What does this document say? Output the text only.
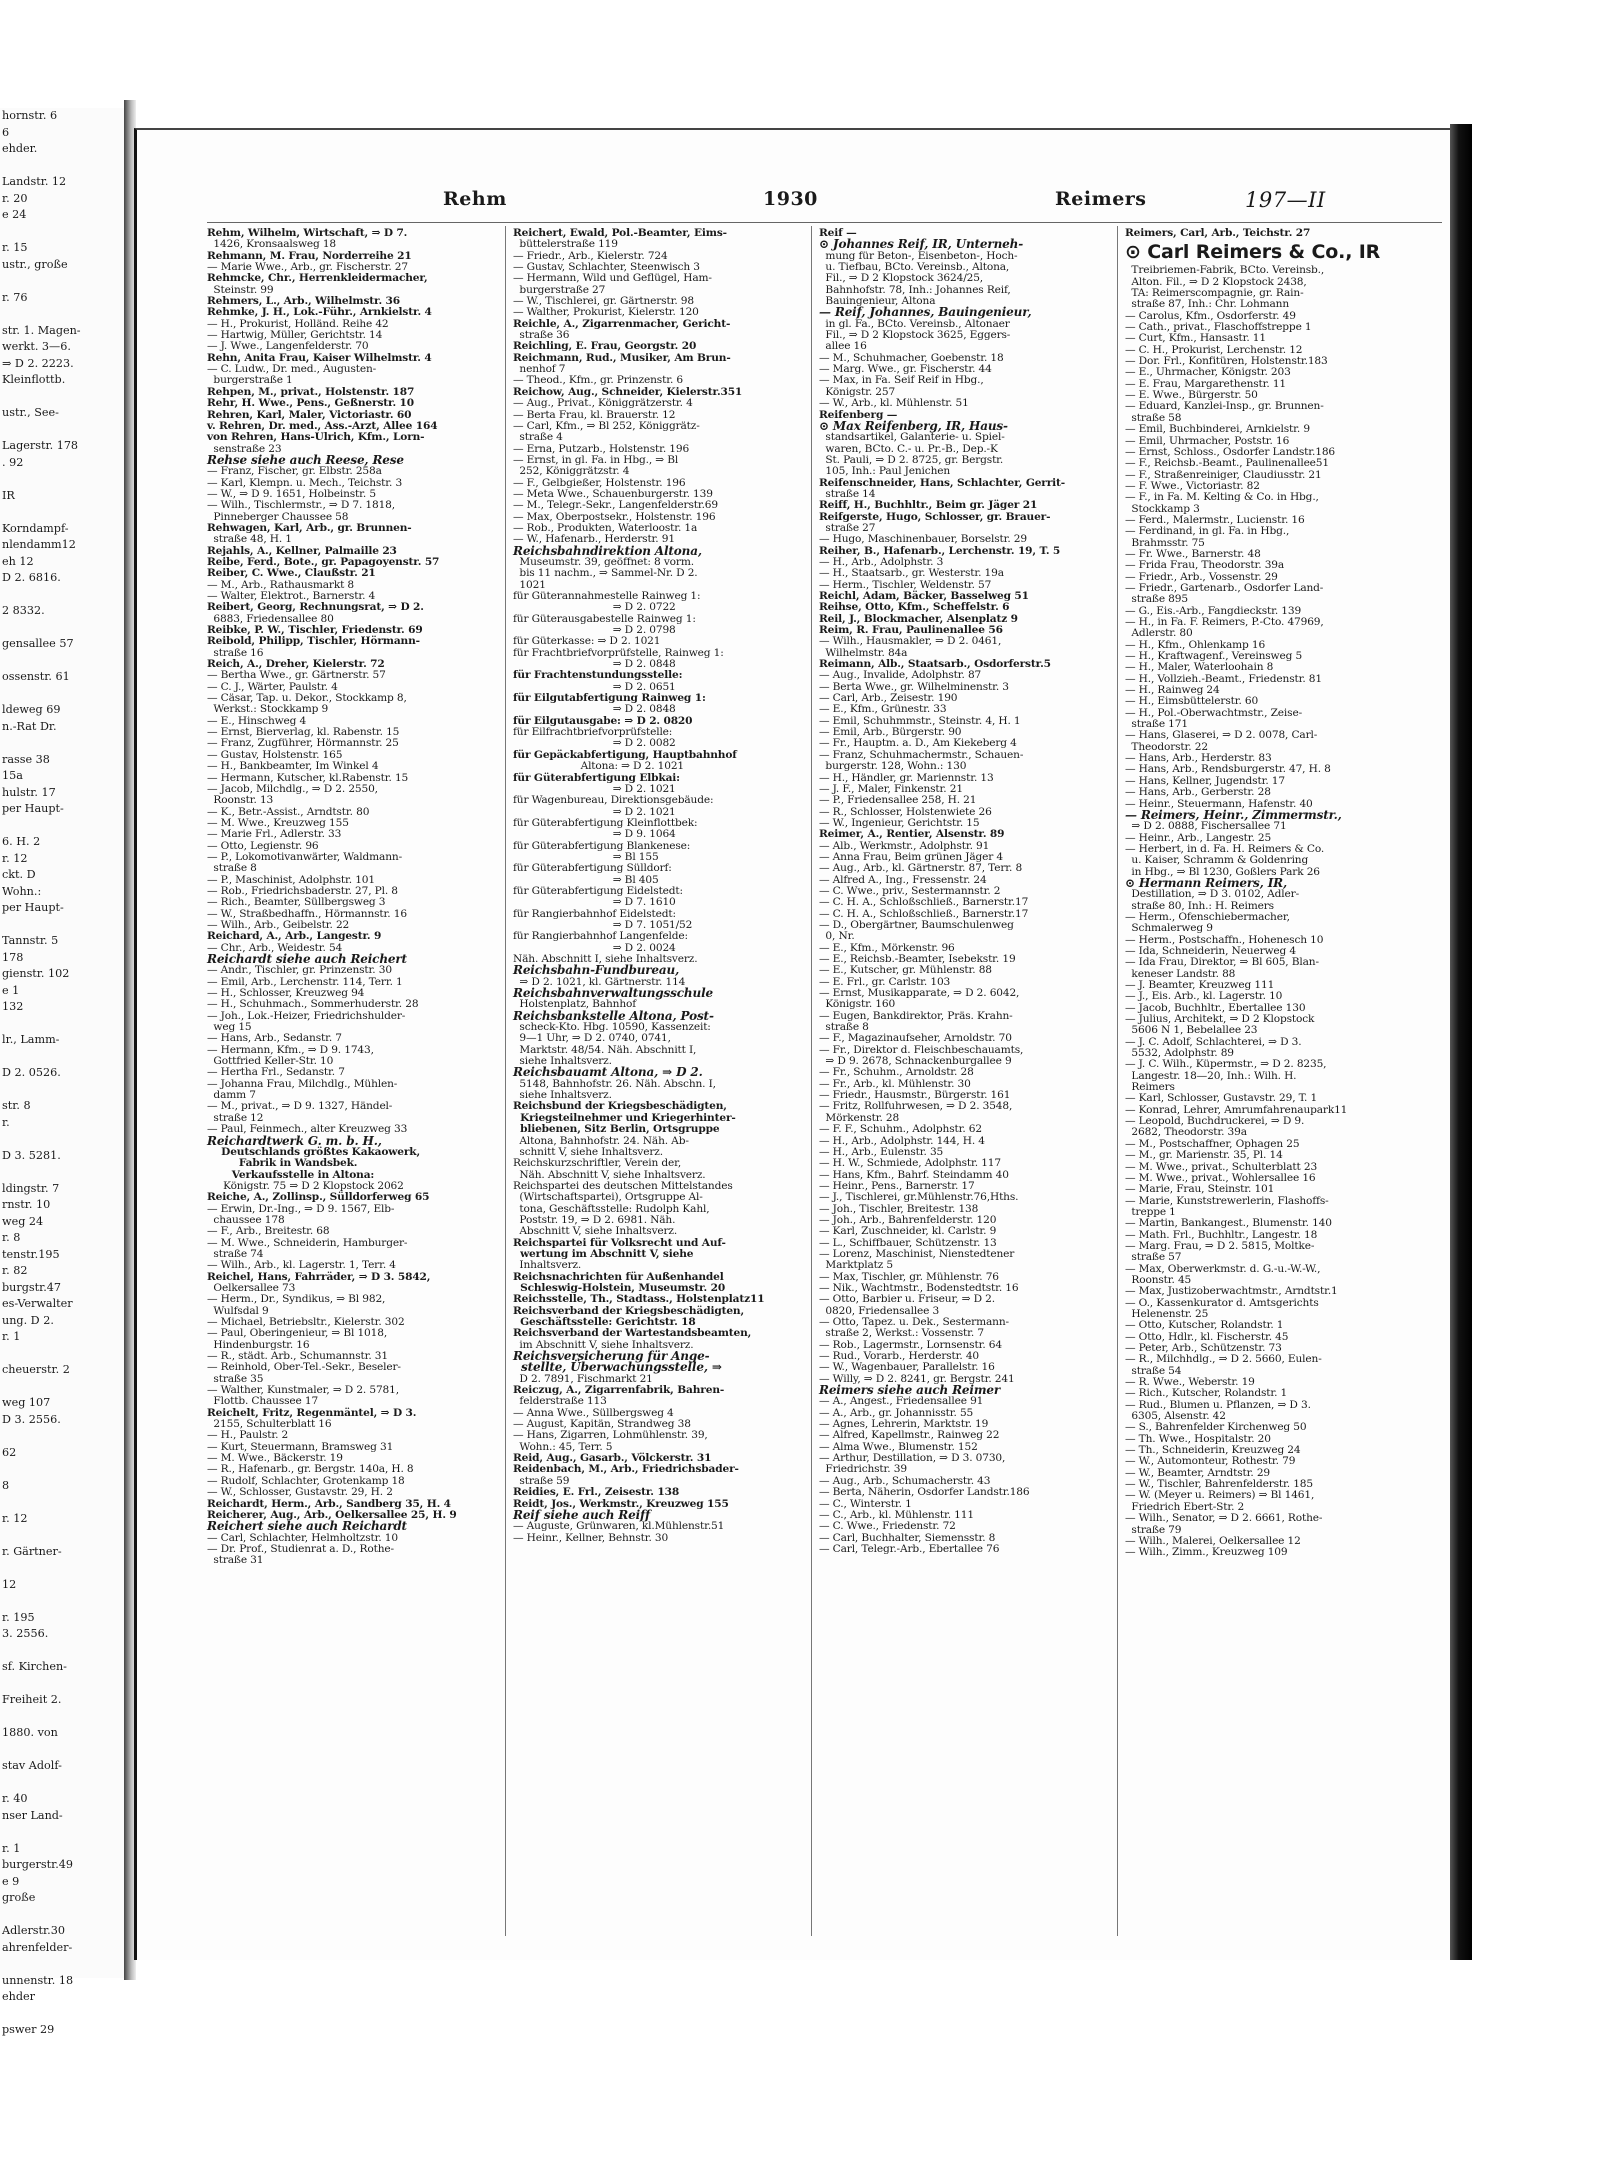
hornstr. 6
6
ehder.

Landstr. 12
r. 20
e 24

r. 15
ustr., große

r. 76

str. 1. Magen-
werkt. 3—6.
⇒ D 2. 2223.
Kleinflottb.

ustr., See-

Lagerstr. 178
. 92

IR

Korndampf-
nlendamm12
eh 12
D 2. 6816.

2 8332.

gensallee 57

ossenstr. 61

ldeweg 69
n.-Rat Dr.

rasse 38
15a
hulstr. 17
per Haupt-

6. H. 2
r. 12
ckt. D
Wohn.:
per Haupt-

Tannstr. 5
178
gienstr. 102
e 1
132

lr., Lamm-

D 2. 0526.

str. 8
r.

D 3. 5281.

ldingstr. 7
rnstr. 10
weg 24
r. 8
tenstr.195
r. 82
burgstr.47
es-Verwalter
ung. D 2.
r. 1

cheuerstr. 2

weg 107
D 3. 2556.

62

8

r. 12

r. Gärtner-

12

r. 195
3. 2556.

sf. Kirchen-

Freiheit 2.

1880. von

stav Adolf-

r. 40
nser Land-

r. 1
burgerstr.49
e 9
große

Adlerstr.30
ahrenfelder-

unnenstr. 18
ehder

pswer 29
Rehm	1930	Reimers	197—II
Rehm, Wilhelm, Wirtschaft, ⇒ D 7.
1426, Kronsaalsweg 18
Rehmann, M. Frau, Norderreihe 21
— Marie Wwe., Arb., gr. Fischerstr. 27
Rehmcke, Chr., Herrenkleidermacher,
Steinstr. 99
Rehmers, L., Arb., Wilhelmstr. 36
Rehmke, J. H., Lok.-Führ., Arnkielstr. 4
— H., Prokurist, Holländ. Reihe 42
— Hartwig, Müller, Gerichtstr. 14
— J. Wwe., Langenfelderstr. 70
Rehn, Anita Frau, Kaiser Wilhelmstr. 4
— C. Ludw., Dr. med., Augusten-
burgerstraße 1
Rehpen, M., privat., Holstenstr. 187
Rehr, H. Wwe., Pens., Geßnerstr. 10
Rehren, Karl, Maler, Victoriastr. 60
v. Rehren, Dr. med., Ass.-Arzt, Allee 164
von Rehren, Hans-Ulrich, Kfm., Lorn-
senstraße 23
Rehse siehe auch Reese, Rese
— Franz, Fischer, gr. Elbstr. 258a
— Karl, Klempn. u. Mech., Teichstr. 3
— W., ⇒ D 9. 1651, Holbeinstr. 5
— Wilh., Tischlermstr., ⇒ D 7. 1818,
Pinneberger Chaussee 58
Rehwagen, Karl, Arb., gr. Brunnen-
straße 48, H. 1
Rejahls, A., Kellner, Palmaille 23
Reibe, Ferd., Bote., gr. Papagoyenstr. 57
Reiber, C. Wwe., Claußstr. 21
— M., Arb., Rathausmarkt 8
— Walter, Elektrot., Barnerstr. 4
Reibert, Georg, Rechnungsrat, ⇒ D 2.
6883, Friedensallee 80
Reibke, P. W., Tischler, Friedenstr. 69
Reibold, Philipp, Tischler, Hörmann-
straße 16
Reich, A., Dreher, Kielerstr. 72
— Bertha Wwe., gr. Gärtnerstr. 57
— C. J., Wärter, Paulstr. 4
— Cäsar, Tap. u. Dekor., Stockkamp 8,
Werkst.: Stockkamp 9
— E., Hinschweg 4
— Ernst, Bierverlag, kl. Rabenstr. 15
— Franz, Zugführer, Hörmannstr. 25
— Gustav, Holstenstr. 165
— H., Bankbeamter, Im Winkel 4
— Hermann, Kutscher, kl.Rabenstr. 15
— Jacob, Milchdlg., ⇒ D 2. 2550,
Roonstr. 13
— K., Betr.-Assist., Arndtstr. 80
— M. Wwe., Kreuzweg 155
— Marie Frl., Adlerstr. 33
— Otto, Legienstr. 96
— P., Lokomotivanwärter, Waldmann-
straße 8
— P., Maschinist, Adolphstr. 101
— Rob., Friedrichsbaderstr. 27, Pl. 8
— Rich., Beamter, Süllbergsweg 3
— W., Straßbedhaffn., Hörmannstr. 16
— Wilh., Arb., Geibelstr. 22
Reichard, A., Arb., Langestr. 9
— Chr., Arb., Weidestr. 54
Reichardt siehe auch Reichert
— Andr., Tischler, gr. Prinzenstr. 30
— Emil, Arb., Lerchenstr. 114, Terr. 1
— H., Schlosser, Kreuzweg 94
— H., Schuhmach., Sommerhuderstr. 28
— Joh., Lok.-Heizer, Friedrichshulder-
weg 15
— Hans, Arb., Sedanstr. 7
— Hermann, Kfm., ⇒ D 9. 1743,
Gottfried Keller-Str. 10
— Hertha Frl., Sedanstr. 7
— Johanna Frau, Milchdlg., Mühlen-
damm 7
— M., privat., ⇒ D 9. 1327, Händel-
straße 12
— Paul, Feinmech., alter Kreuzweg 33
Reichardtwerk G. m. b. H.,
Deutschlands größtes Kakaowerk,
Fabrik in Wandsbek.
Verkaufsstelle in Altona:
Königstr. 75 ⇒ D 2 Klopstock 2062
Reiche, A., Zollinsp., Sülldorferweg 65
— Erwin, Dr.-Ing., ⇒ D 9. 1567, Elb-
chaussee 178
— F., Arb., Breitestr. 68
— M. Wwe., Schneiderin, Hamburger-
straße 74
— Wilh., Arb., kl. Lagerstr. 1, Terr. 4
Reichel, Hans, Fahrräder, ⇒ D 3. 5842,
Oelkersallee 73
— Herm., Dr., Syndikus, ⇒ Bl 982,
Wulfsdal 9
— Michael, Betriebsltr., Kielerstr. 302
— Paul, Oberingenieur, ⇒ Bl 1018,
Hindenburgstr. 16
— R., städt. Arb., Schumannstr. 31
— Reinhold, Ober-Tel.-Sekr., Beseler-
straße 35
— Walther, Kunstmaler, ⇒ D 2. 5781,
Flottb. Chaussee 17
Reichelt, Fritz, Regenmäntel, ⇒ D 3.
2155, Schulterblatt 16
— H., Paulstr. 2
— Kurt, Steuermann, Bramsweg 31
— M. Wwe., Bäckerstr. 19
— R., Hafenarb., gr. Bergstr. 140a, H. 8
— Rudolf, Schlachter, Grotenkamp 18
— W., Schlosser, Gustavstr. 29, H. 2
Reichardt, Herm., Arb., Sandberg 35, H. 4
Reicherer, Aug., Arb., Oelkersallee 25, H. 9
Reichert siehe auch Reichardt
— Carl, Schlachter, Helmholtzstr. 10
— Dr. Prof., Studienrat a. D., Rothe-
straße 31
Reichert, Ewald, Pol.-Beamter, Eims-
büttelerstraße 119
— Friedr., Arb., Kielerstr. 724
— Gustav, Schlachter, Steenwisch 3
— Hermann, Wild und Geflügel, Ham-
burgerstraße 27
— W., Tischlerei, gr. Gärtnerstr. 98
— Walther, Prokurist, Kielerstr. 120
Reichle, A., Zigarrenmacher, Gericht-
straße 36
Reichling, E. Frau, Georgstr. 20
Reichmann, Rud., Musiker, Am Brun-
nenhof 7
— Theod., Kfm., gr. Prinzenstr. 6
Reichow, Aug., Schneider, Kielerstr.351
— Aug., Privat., Königgrätzerstr. 4
— Berta Frau, kl. Brauerstr. 12
— Carl, Kfm., ⇒ Bl 252, Königgrätz-
straße 4
— Erna, Putzarb., Holstenstr. 196
— Ernst, in gl. Fa. in Hbg., ⇒ Bl
252, Königgrätzstr. 4
— F., Gelbgießer, Holstenstr. 196
— Meta Wwe., Schauenburgerstr. 139
— M., Telegr.-Sekr., Langenfelderstr.69
— Max, Oberpostsekr., Holstenstr. 196
— Rob., Produkten, Waterloostr. 1a
— W., Hafenarb., Herderstr. 91
Reichsbahndirektion Altona,
Museumstr. 39, geöffnet: 8 vorm.
bis 11 nachm., ⇒ Sammel-Nr. D 2.
1021
für Güterannahmestelle Rainweg 1:
⇒ D 2. 0722
für Güterausgabestelle Rainweg 1:
⇒ D 2. 0798
für Güterkasse: ⇒ D 2. 1021
für Frachtbriefvorprüfstelle, Rainweg 1:
⇒ D 2. 0848
für Frachtenstundungsstelle:
⇒ D 2. 0651
für Eilgutabfertigung Rainweg 1:
⇒ D 2. 0848
für Eilgutausgabe: ⇒ D 2. 0820
für Eilfrachtbriefvorprüfstelle:
⇒ D 2. 0082
für Gepäckabfertigung, Hauptbahnhof
Altona: ⇒ D 2. 1021
für Güterabfertigung Elbkai:
⇒ D 2. 1021
für Wagenbureau, Direktionsgebäude:
⇒ D 2. 1021
für Güterabfertigung Kleinflottbek:
⇒ D 9. 1064
für Güterabfertigung Blankenese:
⇒ Bl 155
für Güterabfertigung Sülldorf:
⇒ Bl 405
für Güterabfertigung Eidelstedt:
⇒ D 7. 1610
für Rangierbahnhof Eidelstedt:
⇒ D 7. 1051/52
für Rangierbahnhof Langenfelde:
⇒ D 2. 0024
Näh. Abschnitt I, siehe Inhaltsverz.
Reichsbahn-Fundbureau,
⇒ D 2. 1021, kl. Gärtnerstr. 114
Reichsbahnverwaltungsschule
Holstenplatz, Bahnhof
Reichsbankstelle Altona, Post-
scheck-Kto. Hbg. 10590, Kassenzeit:
9—1 Uhr, ⇒ D 2. 0740, 0741,
Marktstr. 48/54. Näh. Abschnitt I,
siehe Inhaltsverz.
Reichsbauamt Altona, ⇒ D 2.
5148, Bahnhofstr. 26. Näh. Abschn. I,
siehe Inhaltsverz.
Reichsbund der Kriegsbeschädigten,
Kriegsteilnehmer und Kriegerhinter-
bliebenen, Sitz Berlin, Ortsgruppe
Altona, Bahnhofstr. 24. Näh. Ab-
schnitt V, siehe Inhaltsverz.
Reichskurzschriftler, Verein der,
Näh. Abschnitt V, siehe Inhaltsverz.
Reichspartei des deutschen Mittelstandes
(Wirtschaftspartei), Ortsgruppe Al-
tona, Geschäftsstelle: Rudolph Kahl,
Poststr. 19, ⇒ D 2. 6981. Näh.
Abschnitt V, siehe Inhaltsverz.
Reichspartei für Volksrecht und Auf-
wertung im Abschnitt V, siehe
Inhaltsverz.
Reichsnachrichten für Außenhandel
Schleswig-Holstein, Museumstr. 20
Reichsstelle, Th., Stadtass., Holstenplatz11
Reichsverband der Kriegsbeschädigten,
Geschäftsstelle: Gerichtstr. 18
Reichsverband der Wartestandsbeamten,
im Abschnitt V, siehe Inhaltsverz.
Reichsversicherung für Ange-
stellte, Überwachungsstelle, ⇒
D 2. 7891, Fischmarkt 21
Reiczug, A., Zigarrenfabrik, Bahren-
felderstraße 113
— Anna Wwe., Süllbergsweg 4
— August, Kapitän, Strandweg 38
— Hans, Zigarren, Lohmühlenstr. 39,
Wohn.: 45, Terr. 5
Reid, Aug., Gasarb., Völckerstr. 31
Reidenbach, M., Arb., Friedrichsbader-
straße 59
Reidies, E. Frl., Zeisestr. 138
Reidt, Jos., Werkmstr., Kreuzweg 155
Reif siehe auch Reiff
— Auguste, Grünwaren, kl.Mühlenstr.51
— Heinr., Kellner, Behnstr. 30
Reif —
⊙ Johannes Reif, IR, Unterneh-
mung für Beton-, Eisenbeton-, Hoch-
u. Tiefbau, BCto. Vereinsb., Altona,
Fil., ⇒ D 2 Klopstock 3624/25,
Bahnhofstr. 78, Inh.: Johannes Reif,
Bauingenieur, Altona
— Reif, Johannes, Bauingenieur,
in gl. Fa., BCto. Vereinsb., Altonaer
Fil., ⇒ D 2 Klopstock 3625, Eggers-
allee 16
— M., Schuhmacher, Goebenstr. 18
— Marg. Wwe., gr. Fischerstr. 44
— Max, in Fa. Seif Reif in Hbg.,
Königstr. 257
— W., Arb., kl. Mühlenstr. 51
Reifenberg —
⊙ Max Reifenberg, IR, Haus-
standsartikel, Galanterie- u. Spiel-
waren, BCto. C.- u. Pr.-B., Dep.-K
St. Pauli, ⇒ D 2. 8725, gr. Bergstr.
105, Inh.: Paul Jenichen
Reifenschneider, Hans, Schlachter, Gerrit-
straße 14
Reiff, H., Buchhltr., Beim gr. Jäger 21
Reifgerste, Hugo, Schlosser, gr. Brauer-
straße 27
— Hugo, Maschinenbauer, Borselstr. 29
Reiher, B., Hafenarb., Lerchenstr. 19, T. 5
— H., Arb., Adolphstr. 3
— H., Staatsarb., gr. Westerstr. 19a
— Herm., Tischler, Weldenstr. 57
Reichl, Adam, Bäcker, Basselweg 51
Reihse, Otto, Kfm., Scheffelstr. 6
Reil, J., Blockmacher, Alsenplatz 9
Reim, R. Frau, Paulinenallee 56
— Wilh., Hausmakler, ⇒ D 2. 0461,
Wilhelmstr. 84a
Reimann, Alb., Staatsarb., Osdorferstr.5
— Aug., Invalide, Adolphstr. 87
— Berta Wwe., gr. Wilhelminenstr. 3
— Carl, Arb., Zeisestr. 190
— E., Kfm., Grünestr. 33
— Emil, Schuhmmstr., Steinstr. 4, H. 1
— Emil, Arb., Bürgerstr. 90
— Fr., Hauptm. a. D., Am Kiekeberg 4
— Franz, Schuhmachermstr., Schauen-
burgerstr. 128, Wohn.: 130
— H., Händler, gr. Mariennstr. 13
— J. F., Maler, Finkenstr. 21
— P., Friedensallee 258, H. 21
— R., Schlosser, Holstenwiete 26
— W., Ingenieur, Gerichtstr. 15
Reimer, A., Rentier, Alsenstr. 89
— Alb., Werkmstr., Adolphstr. 91
— Anna Frau, Beim grünen Jäger 4
— Aug., Arb., kl. Gärtnerstr. 87, Terr. 8
— Alfred A., Ing., Fressenstr. 24
— C. Wwe., priv., Sestermannstr. 2
— C. H. A., Schloßschließ., Barnerstr.17
— C. H. A., Schloßschließ., Barnerstr.17
— D., Obergärtner, Baumschulenweg
0, Nr.
— E., Kfm., Mörkenstr. 96
— E., Reichsb.-Beamter, Isebekstr. 19
— E., Kutscher, gr. Mühlenstr. 88
— E. Frl., gr. Carlstr. 103
— Ernst, Musikapparate, ⇒ D 2. 6042,
Königstr. 160
— Eugen, Bankdirektor, Präs. Krahn-
straße 8
— F., Magazinaufseher, Arnoldstr. 70
— Fr., Direktor d. Fleischbeschauamts,
⇒ D 9. 2678, Schnackenburgallee 9
— Fr., Schuhm., Arnoldstr. 28
— Fr., Arb., kl. Mühlenstr. 30
— Friedr., Hausmstr., Bürgerstr. 161
— Fritz, Rollfuhrwesen, ⇒ D 2. 3548,
Mörkenstr. 28
— F. F., Schuhm., Adolphstr. 62
— H., Arb., Adolphstr. 144, H. 4
— H., Arb., Eulenstr. 35
— H. W., Schmiede, Adolphstr. 117
— Hans, Kfm., Bahrf. Steindamm 40
— Heinr., Pens., Barnerstr. 17
— J., Tischlerei, gr.Mühlenstr.76,Hths.
— Joh., Tischler, Breitestr. 138
— Joh., Arb., Bahrenfelderstr. 120
— Karl, Zuschneider, kl. Carlstr. 9
— L., Schiffbauer, Schützenstr. 13
— Lorenz, Maschinist, Nienstedtener
Marktplatz 5
— Max, Tischler, gr. Mühlenstr. 76
— Nik., Wachtmstr., Bodenstedtstr. 16
— Otto, Barbier u. Friseur, ⇒ D 2.
0820, Friedensallee 3
— Otto, Tapez. u. Dek., Sestermann-
straße 2, Werkst.: Vossenstr. 7
— Rob., Lagermstr., Lornsenstr. 64
— Rud., Vorarb., Herderstr. 40
— W., Wagenbauer, Parallelstr. 16
— Willy, ⇒ D 2. 8241, gr. Bergstr. 241
Reimers siehe auch Reimer
— A., Angest., Friedensallee 91
— A., Arb., gr. Johannisstr. 55
— Agnes, Lehrerin, Marktstr. 19
— Alfred, Kapellmstr., Rainweg 22
— Alma Wwe., Blumenstr. 152
— Arthur, Destillation, ⇒ D 3. 0730,
Friedrichstr. 39
— Aug., Arb., Schumacherstr. 43
— Berta, Näherin, Osdorfer Landstr.186
— C., Winterstr. 1
— C., Arb., kl. Mühlenstr. 111
— C. Wwe., Friedenstr. 72
— Carl, Buchhalter, Siemensstr. 8
— Carl, Telegr.-Arb., Ebertallee 76
Reimers, Carl, Arb., Teichstr. 27
⊙ Carl Reimers & Co., IR
Treibriemen-Fabrik, BCto. Vereinsb.,
Alton. Fil., ⇒ D 2 Klopstock 2438,
TA: Reimerscompagnie, gr. Rain-
straße 87, Inh.: Chr. Lohmann
— Carolus, Kfm., Osdorferstr. 49
— Cath., privat., Flaschoffstreppe 1
— Curt, Kfm., Hansastr. 11
— C. H., Prokurist, Lerchenstr. 12
— Dor. Frl., Konfitüren, Holstenstr.183
— E., Uhrmacher, Königstr. 203
— E. Frau, Margarethenstr. 11
— E. Wwe., Bürgerstr. 50
— Eduard, Kanzlei-Insp., gr. Brunnen-
straße 58
— Emil, Buchbinderei, Arnkielstr. 9
— Emil, Uhrmacher, Poststr. 16
— Ernst, Schloss., Osdorfer Landstr.186
— F., Reichsb.-Beamt., Paulinenallee51
— F., Straßenreiniger, Claudiusstr. 21
— F. Wwe., Victoriastr. 82
— F., in Fa. M. Kelting & Co. in Hbg.,
Stockkamp 3
— Ferd., Malermstr., Lucienstr. 16
— Ferdinand, in gl. Fa. in Hbg.,
Brahmsstr. 75
— Fr. Wwe., Barnerstr. 48
— Frida Frau, Theodorstr. 39a
— Friedr., Arb., Vossenstr. 29
— Friedr., Gartenarb., Osdorfer Land-
straße 895
— G., Eis.-Arb., Fangdieckstr. 139
— H., in Fa. F. Reimers, P.-Cto. 47969,
Adlerstr. 80
— H., Kfm., Ohlenkamp 16
— H., Kraftwagenf., Vereinsweg 5
— H., Maler, Waterloohain 8
— H., Vollzieh.-Beamt., Friedenstr. 81
— H., Rainweg 24
— H., Eimsbüttelerstr. 60
— H., Pol.-Oberwachtmstr., Zeise-
straße 171
— Hans, Glaserei, ⇒ D 2. 0078, Carl-
Theodorstr. 22
— Hans, Arb., Herderstr. 83
— Hans, Arb., Rendsburgerstr. 47, H. 8
— Hans, Kellner, Jugendstr. 17
— Hans, Arb., Gerberstr. 28
— Heinr., Steuermann, Hafenstr. 40
— Reimers, Heinr., Zimmermstr.,
⇒ D 2. 0888, Fischersallee 71
— Heinr., Arb., Langestr. 25
— Herbert, in d. Fa. H. Reimers & Co.
u. Kaiser, Schramm & Goldenring
in Hbg., ⇒ Bl 1230, Goßlers Park 26
⊙ Hermann Reimers, IR,
Destillation, ⇒ D 3. 0102, Adler-
straße 80, Inh.: H. Reimers
— Herm., Ofenschiebermacher,
Schmalerweg 9
— Herm., Postschaffn., Hohenesch 10
— Ida, Schneiderin, Neuerweg 4
— Ida Frau, Direktor, ⇒ Bl 605, Blan-
keneser Landstr. 88
— J. Beamter, Kreuzweg 111
— J., Eis. Arb., kl. Lagerstr. 10
— Jacob, Buchhltr., Ebertallee 130
— Julius, Architekt, ⇒ D 2 Klopstock
5606 N 1, Bebelallee 23
— J. C. Adolf, Schlachterei, ⇒ D 3.
5532, Adolphstr. 89
— J. C. Wilh., Küpermstr., ⇒ D 2. 8235,
Langestr. 18—20, Inh.: Wilh. H.
Reimers
— Karl, Schlosser, Gustavstr. 29, T. 1
— Konrad, Lehrer, Amrumfahrenaupark11
— Leopold, Buchdruckerei, ⇒ D 9.
2682, Theodorstr. 39a
— M., Postschaffner, Ophagen 25
— M., gr. Marienstr. 35, Pl. 14
— M. Wwe., privat., Schulterblatt 23
— M. Wwe., privat., Wohlersallee 16
— Marie, Frau, Steinstr. 101
— Marie, Kunststrewerlerin, Flashoffs-
treppe 1
— Martin, Bankangest., Blumenstr. 140
— Math. Frl., Buchhltr., Langestr. 18
— Marg. Frau, ⇒ D 2. 5815, Moltke-
straße 57
— Max, Oberwerkmstr. d. G.-u.-W.-W.,
Roonstr. 45
— Max, Justizoberwachtmstr., Arndtstr.1
— O., Kassenkurator d. Amtsgerichts
Helenenstr. 25
— Otto, Kutscher, Rolandstr. 1
— Otto, Hdlr., kl. Fischerstr. 45
— Peter, Arb., Schützenstr. 73
— R., Milchhdlg., ⇒ D 2. 5660, Eulen-
straße 54
— R. Wwe., Weberstr. 19
— Rich., Kutscher, Rolandstr. 1
— Rud., Blumen u. Pflanzen, ⇒ D 3.
6305, Alsenstr. 42
— S., Bahrenfelder Kirchenweg 50
— Th. Wwe., Hospitalstr. 20
— Th., Schneiderin, Kreuzweg 24
— W., Automonteur, Rothestr. 79
— W., Beamter, Arndtstr. 29
— W., Tischler, Bahrenfelderstr. 185
— W. (Meyer u. Reimers) ⇒ Bl 1461,
Friedrich Ebert-Str. 2
— Wilh., Senator, ⇒ D 2. 6661, Rothe-
straße 79
— Wilh., Malerei, Oelkersallee 12
— Wilh., Zimm., Kreuzweg 109
